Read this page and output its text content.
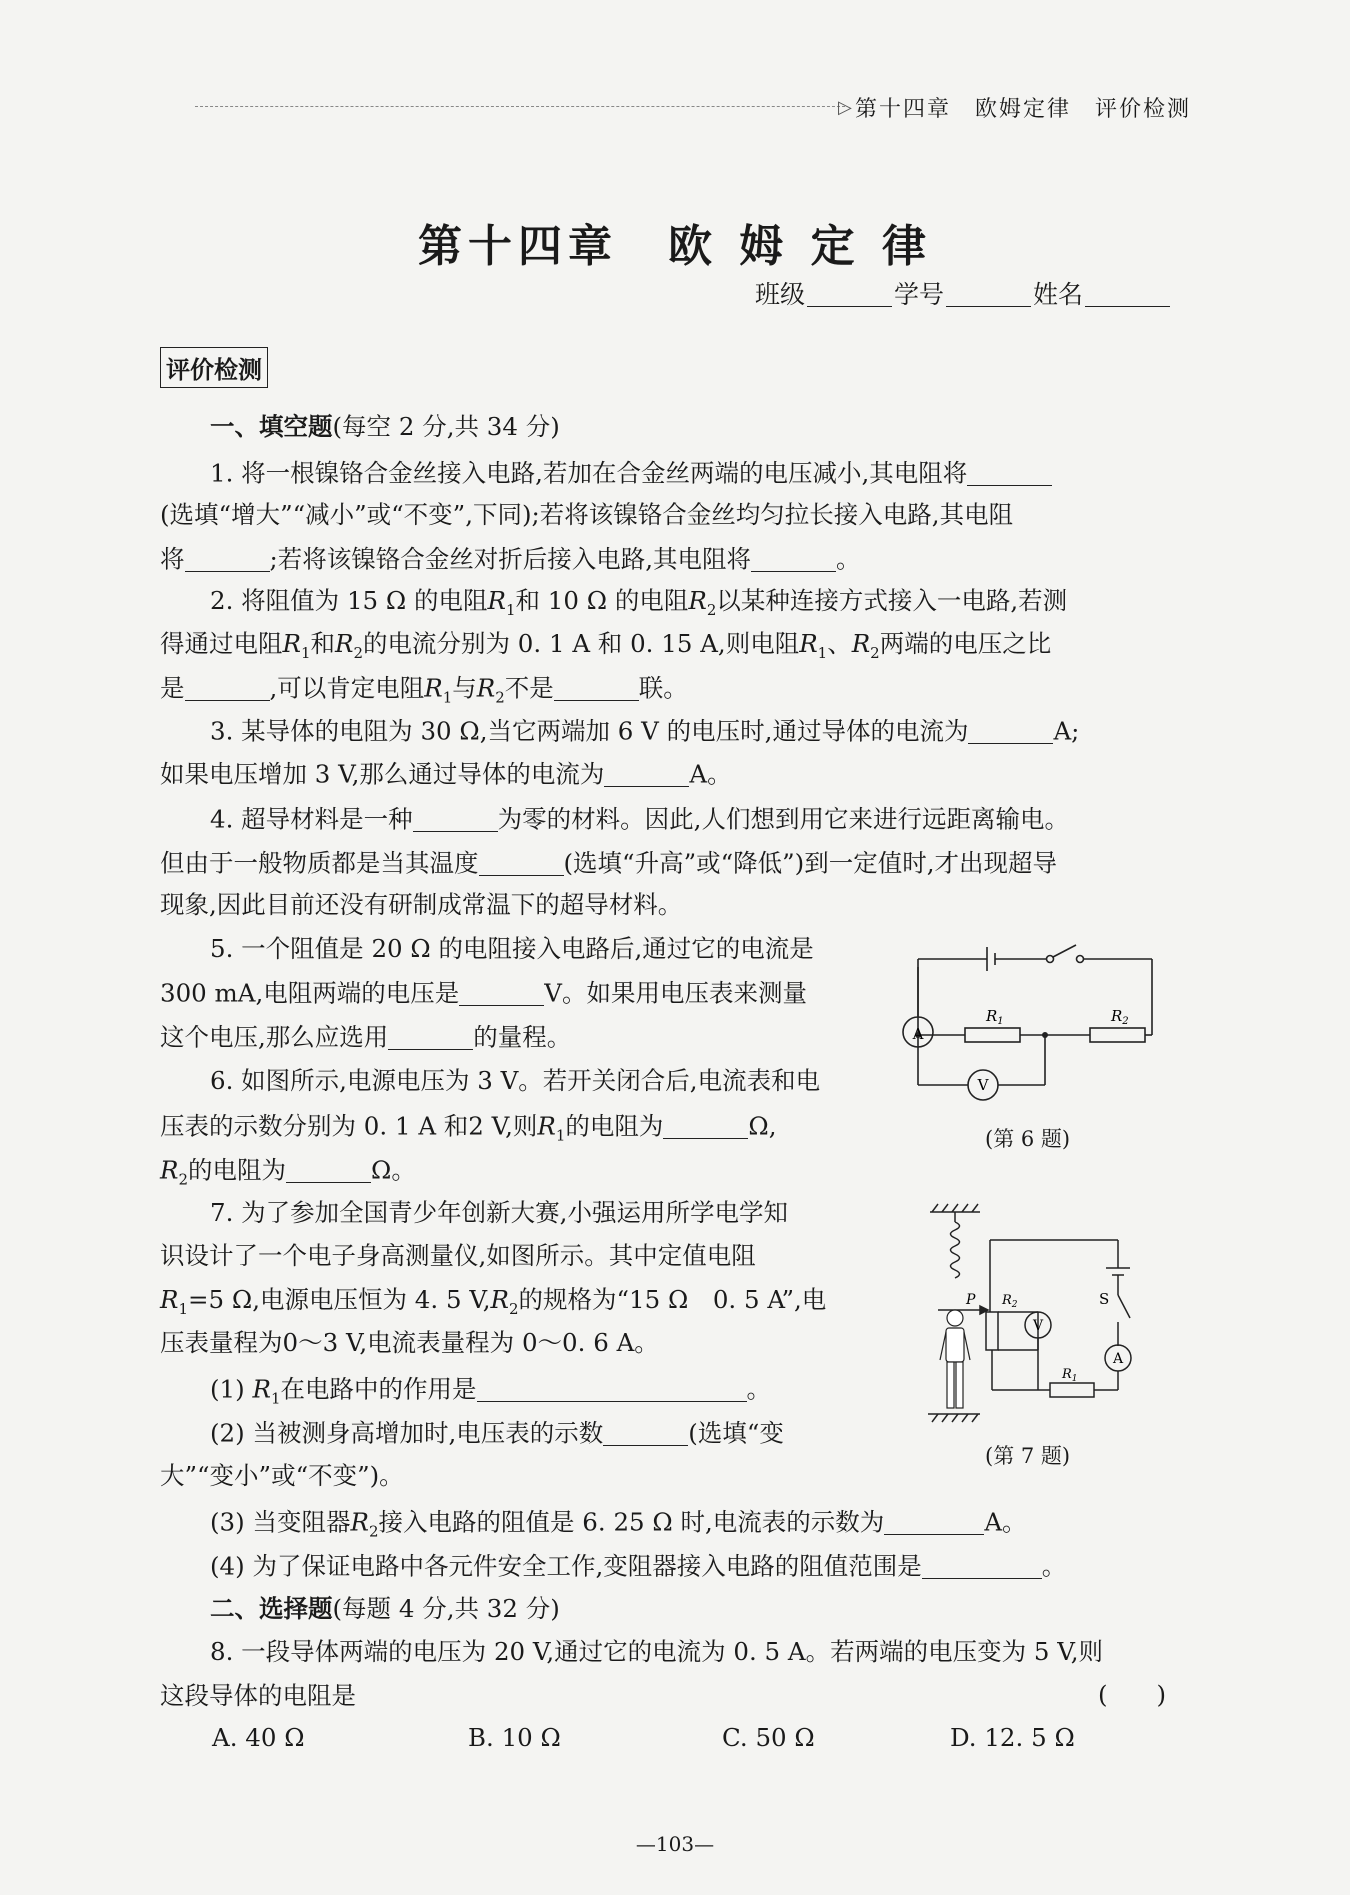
▷ 第十四章　欧姆定律　评价检测
第十四章　欧 姆 定 律
班级	学号	姓名
评价检测
一、填空题(每空 2 分,共 34 分)
1. 将一根镍铬合金丝接入电路,若加在合金丝两端的电压减小,其电阻将
(选填“增大”“减小”或“不变”,下同);若将该镍铬合金丝均匀拉长接入电路,其电阻
将	;若将该镍铬合金丝对折后接入电路,其电阻将	。
2. 将阻值为 15 Ω 的电阻$R_1$和 10 Ω 的电阻$R_2$以某种连接方式接入一电路,若测
得通过电阻$R_1$和$R_2$的电流分别为 0. 1 A 和 0. 15 A,则电阻$R_1$、$R_2$两端的电压之比
是	,可以肯定电阻$R_1$与$R_2$不是	联。
3. 某导体的电阻为 30 Ω,当它两端加 6 V 的电压时,通过导体的电流为	A;
如果电压增加 3 V,那么通过导体的电流为	A。
4. 超导材料是一种	为零的材料。因此,人们想到用它来进行远距离输电。
但由于一般物质都是当其温度	(选填“升高”或“降低”)到一定值时,才出现超导
现象,因此目前还没有研制成常温下的超导材料。
5. 一个阻值是 20 Ω 的电阻接入电路后,通过它的电流是
300 mA,电阻两端的电压是	V。如果用电压表来测量
这个电压,那么应选用	的量程。
6. 如图所示,电源电压为 3 V。若开关闭合后,电流表和电
压表的示数分别为 0. 1 A 和2 V,则$R_1$的电阻为	Ω,
$R_2$的电阻为	Ω。
7. 为了参加全国青少年创新大赛,小强运用所学电学知
识设计了一个电子身高测量仪,如图所示。其中定值电阻
$R_1=5$ Ω,电源电压恒为 4. 5 $V,R_2$的规格为“15 Ω　0. 5 A”,电
压表量程为0～3 V,电流表量程为 0～0. 6 A。
(1) $R_1$在电路中的作用是	。
(2) 当被测身高增加时,电压表的示数	(选填“变
大”“变小”或“不变”)。
(3) 当变阻器$R_2$接入电路的阻值是 6. 25 Ω 时,电流表的示数为	A。
(4) 为了保证电路中各元件安全工作,变阻器接入电路的阻值范围是	。
二、选择题(每题 4 分,共 32 分)
8. 一段导体两端的电压为 20 V,通过它的电流为 0. 5 A。若两端的电压变为 5 V,则
这段导体的电阻是	(　　)
A. 40 Ω	B. 10 Ω	C. 50 Ω	D. 12. 5 Ω
A
V
$R_1$	$R_2$
(第 6 题)
V
A
S
P $R_2$
$R_1$
(第 7 题)
—103—
